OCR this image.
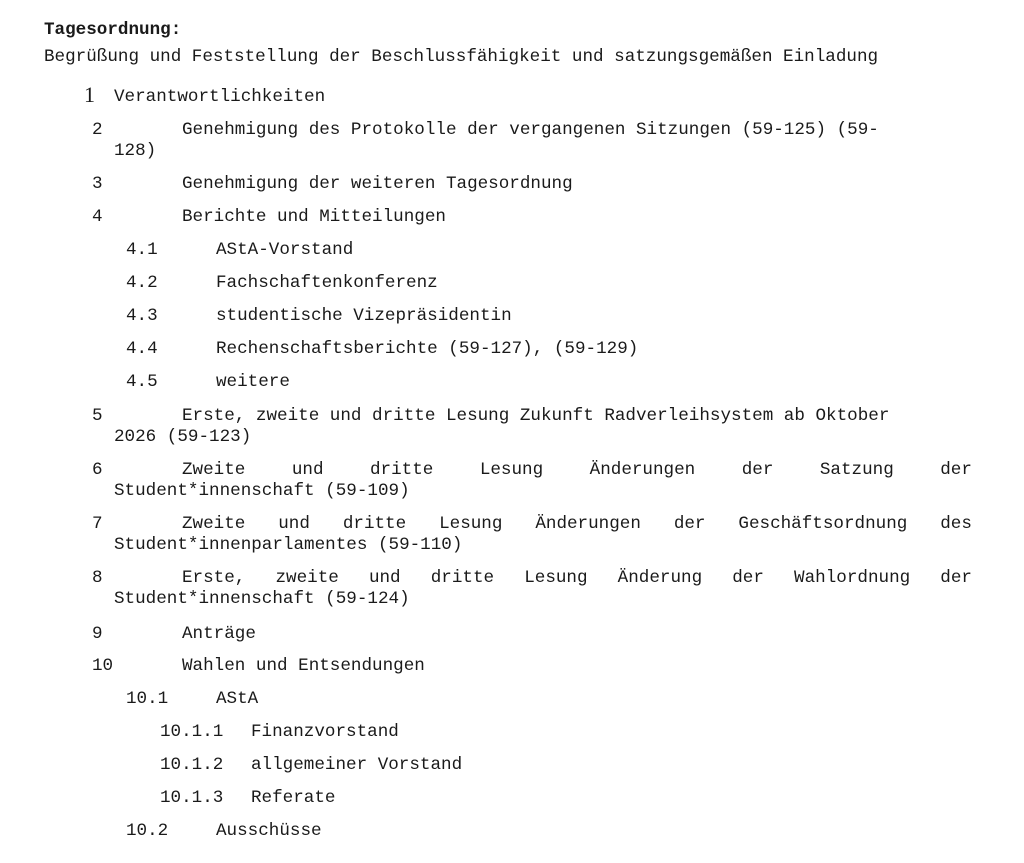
Tagesordnung:
Begrüßung und Feststellung der Beschlussfähigkeit und satzungsgemäßen Einladung
1 Verantwortlichkeiten
2	Genehmigung des Protokolle der vergangenen Sitzungen (59-125) (59-
128)
3	Genehmigung der weiteren Tagesordnung
4	Berichte und Mitteilungen
4.1	AStA-Vorstand
4.2	Fachschaftenkonferenz
4.3	studentische Vizepräsidentin
4.4	Rechenschaftsberichte (59-127), (59-129)
4.5	weitere
5	Erste, zweite und dritte Lesung Zukunft Radverleihsystem ab Oktober
2026 (59-123)
6	Zweite	und	dritte	Lesung	Änderungen	der	Satzung	der
Student*innenschaft (59-109)
7	Zweite und dritte Lesung Änderungen der Geschäftsordnung des
Student*innenparlamentes (59-110)
8	Erste, zweite und dritte Lesung Änderung der Wahlordnung der
Student*innenschaft (59-124)
9	Anträge
10	Wahlen und Entsendungen
10.1	AStA
10.1.1 Finanzvorstand
10.1.2 allgemeiner Vorstand
10.1.3 Referate
10.2	Ausschüsse
